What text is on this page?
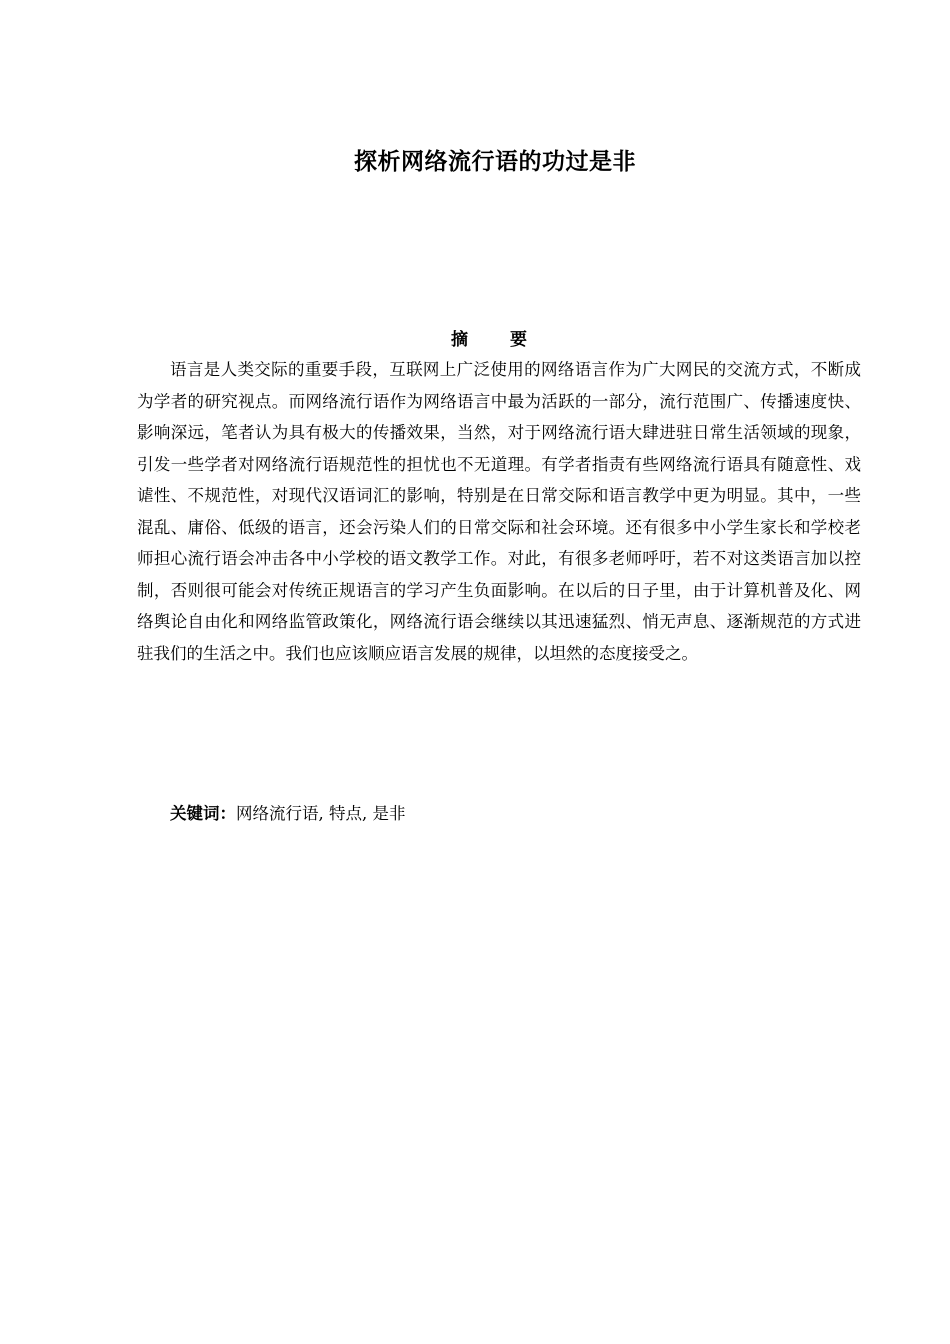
探析网络流行语的功过是非
摘 要

语言是人类交际的重要手段，互联网上广泛使用的网络语言作为广大网民的交流方式，不断成为学者的研究视点。而网络流行语作为网络语言中最为活跃的一部分，流行范围广、传播速度快、影响深远，笔者认为具有极大的传播效果，当然，对于网络流行语大肆进驻日常生活领域的现象，引发一些学者对网络流行语规范性的担忧也不无道理。有学者指责有些网络流行语具有随意性、戏谑性、不规范性，对现代汉语词汇的影响，特别是在日常交际和语言教学中更为明显。其中，一些混乱、庸俗、低级的语言，还会污染人们的日常交际和社会环境。还有很多中小学生家长和学校老师担心流行语会冲击各中小学校的语文教学工作。对此，有很多老师呼吁，若不对这类语言加以控制，否则很可能会对传统正规语言的学习产生负面影响。在以后的日子里，由于计算机普及化、网络舆论自由化和网络监管政策化，网络流行语会继续以其迅速猛烈、悄无声息、逐渐规范的方式进驻我们的生活之中。我们也应该顺应语言发展的规律，以坦然的态度接受之。

关键词：网络流行语, 特点, 是非
